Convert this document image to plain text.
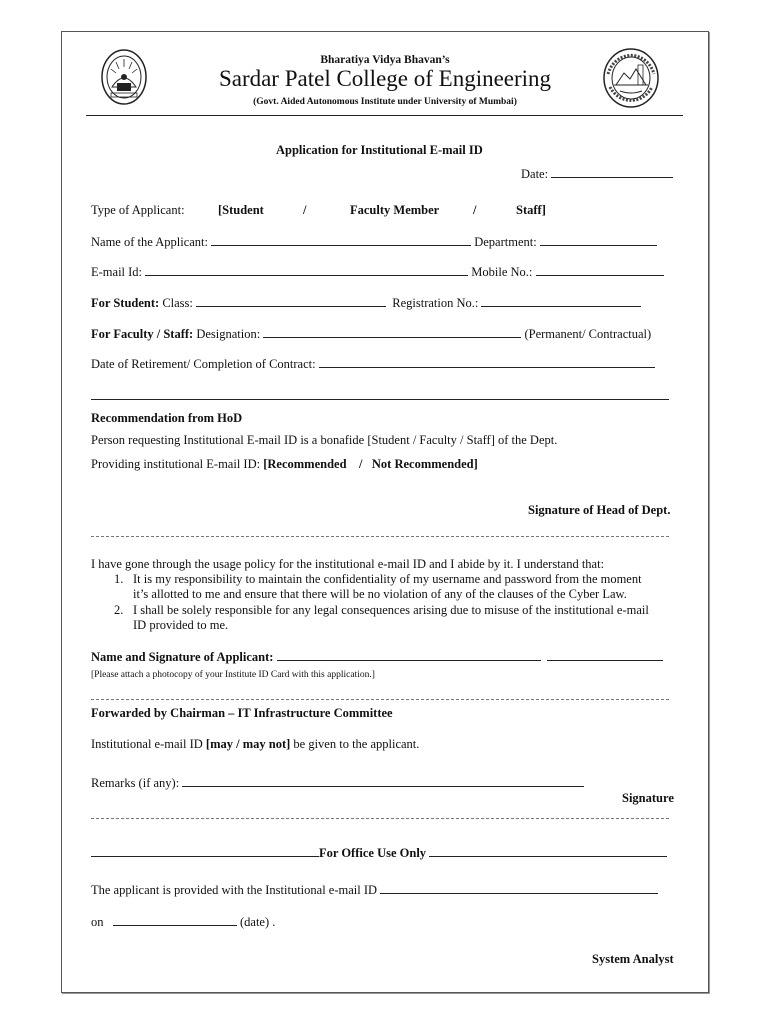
Bharatiya Vidya Bhavan’s
Sardar Patel College of Engineering
(Govt. Aided Autonomous Institute under University of Mumbai)
Application for Institutional E-mail ID
Date:
Type of Applicant:	[Student	/	Faculty Member	/	Staff]
Name of the Applicant:	Department:
E-mail Id:	Mobile No.:
For Student: Class:	Registration No.:
For Faculty / Staff: Designation:	(Permanent/ Contractual)
Date of Retirement/ Completion of Contract:
Recommendation from HoD
Person requesting Institutional E-mail ID is a bonafide [Student / Faculty / Staff] of the Dept.
Providing institutional E-mail ID: [Recommended    /   Not Recommended]
Signature of Head of Dept.
I have gone through the usage policy for the institutional e-mail ID and I abide by it. I understand that:
1. It is my responsibility to maintain the confidentiality of my username and password from the moment
it’s allotted to me and ensure that there will be no violation of any of the clauses of the Cyber Law.
2. I shall be solely responsible for any legal consequences arising due to misuse of the institutional e-mail
ID provided to me.
Name and Signature of Applicant:
[Please attach a photocopy of your Institute ID Card with this application.]
Forwarded by Chairman – IT Infrastructure Committee
Institutional e-mail ID [may / may not] be given to the applicant.
Remarks (if any):
Signature
For Office Use Only
The applicant is provided with the Institutional e-mail ID
on	(date) .
System Analyst
